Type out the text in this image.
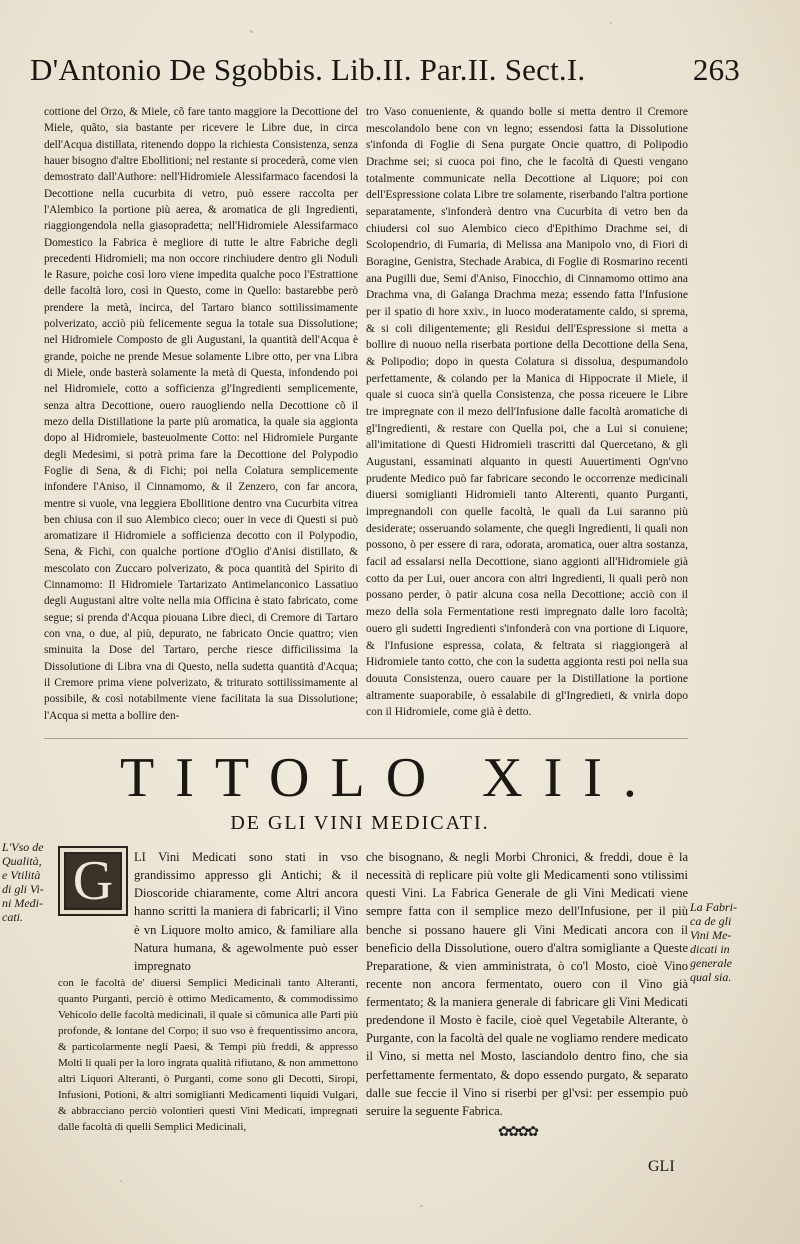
D'Antonio De Sgobbis. Lib.II. Par.II. Sect.I.	263

cottione del Orzo, & Miele, cõ fare tanto maggiore la Decottione del Miele, quãto, sia bastante per ricevere le Libre due, in circa dell'Acqua distillata, ritenendo doppo la richiesta Consistenza, senza hauer bisogno d'altre Ebollitioni; nel restante si procederà, come vien demostrato dall'Authore: nell'Hidromiele Alessifarmaco facendosi la Decottione nella cucurbita di vetro, può essere raccolta per l'Alembico la portione più aerea, & aromatica de gli Ingredienti, riaggiongendola nella giasopradetta; nell'Hidromiele Alessifarmaco Domestico la Fabrica è megliore di tutte le altre Fabriche degli precedenti Hidromieli; ma non occore rinchiudere dentro gli Noduli le Rasure, poiche così loro viene impedita qualche poco l'Estrattione delle facoltà loro, così in Questo, come in Quello: bastarebbe però prendere la metà, incirca, del Tartaro bianco sottilissimamente polverizato, acciò più felicemente segua la totale sua Dissolutione; nel Hidromiele Composto de gli Augustani, la quantità dell'Acqua è grande, poiche ne prende Mesue solamente Libre otto, per vna Libra di Miele, onde basterà solamente la metà di Questa, infondendo poi nel Hidromiele, cotto a sofficienza gl'Ingredienti semplicemente, senza altra Decottione, ouero rauogliendo nella Decottione cõ il mezo della Distillatione la parte più aromatica, la quale sia aggionta dopo al Hidromiele, basteuolmente Cotto: nel Hidromiele Purgante degli Medesimi, si potrà prima fare la Decottione del Polypodio Foglie di Sena, & di Fichi; poi nella Colatura semplicemente infondere l'Aniso, il Cinnamomo, & il Zenzero, con far ancora, mentre si vuole, vna leggiera Ebollitione dentro vna Cucurbita vitrea ben chiusa con il suo Alembico cieco; ouer in vece di Questi si può aromatizare il Hidromiele a sofficienza decotto con il Polypodio, Sena, & Fichi, con qualche portione d'Oglio d'Anisi distillato, & mescolato con Zuccaro polverizato, & poca quantità del Spirito di Cinnamomo: Il Hidromiele Tartarizato Antimelanconico Lassatiuo degli Augustani altre volte nella mia Officina è stato fabricato, come segue; si prenda d'Acqua piouana Libre dieci, di Cremore di Tartaro con vna, o due, al più, depurato, ne fabricato Oncie quattro; vien sminuita la Dose del Tartaro, perche riesce difficilissima la Dissolutione di Libra vna di Questo, nella sudetta quantità d'Acqua; il Cremore prima viene polverizato, & triturato sottilissimamente al possibile, & così notabilmente viene facilitata la sua Dissolutione; l'Acqua si metta a bollire den-

tro Vaso conueniente, & quando bolle si metta dentro il Cremore mescolandolo bene con vn legno; essendosi fatta la Dissolutione s'infonda di Foglie di Sena purgate Oncie quattro, di Polipodio Drachme sei; si cuoca poi fino, che le facoltà di Questi vengano totalmente communicate nella Decottione al Liquore; poi con dell'Espressione colata Libre tre solamente, riserbando l'altra portione separatamente, s'infonderà dentro vna Cucurbita di vetro ben da chiudersi col suo Alembico cieco d'Epithimo Drachme sei, di Scolopendrio, di Fumaria, di Melissa ana Manipolo vno, di Fiori di Boragine, Genistra, Stechade Arabica, di Foglie di Rosmarino recenti ana Pugilli due, Semi d'Aniso, Finocchio, di Cinnamomo ottimo ana Drachma vna, di Galanga Drachma meza; essendo fatta l'Infusione per il spatio di hore xxiv., in luoco moderatamente caldo, si sprema, & si coli diligentemente; gli Residui dell'Espressione si metta a bollire di nuouo nella riserbata portione della Decottione della Sena, & Polipodio; dopo in questa Colatura si dissolua, despumandolo perfettamente, & colando per la Manica di Hippocrate il Miele, il quale si cuoca sin'à quella Consistenza, che possa riceuere le Libre tre impregnate con il mezo dell'Infusione dalle facoltà aromatiche di gl'Ingredienti, & restare con Quella poi, che a Lui si conuiene; all'imitatione di Questi Hidromieli trascritti dal Quercetano, & gli Augustani, essaminati alquanto in questi Auuertimenti Ogn'vno prudente Medico può far fabricare secondo le occorrenze medicinali diuersi somiglianti Hidromieli tanto Alterenti, quanto Purganti, impregnandoli con quelle facoltà, le quali da Lui saranno più desiderate; osseruando solamente, che quegli Ingredienti, li quali non possono, ò per essere di rara, odorata, aromatica, ouer altra sostanza, facil ad essalarsi nella Decottione, siano aggionti all'Hidromiele già cotto da per Lui, ouer ancora con altri Ingredienti, li quali però non possano perder, ò patir alcuna cosa nella Decottione; acciò con il mezo della sola Fermentatione resti impregnato dalle loro facoltà; ouero gli sudetti Ingredienti s'infonderà con vna portione di Liquore, & l'Infusione espressa, colata, & feltrata si riaggiongerà al Hidromiele tanto cotto, che con la sudetta aggionta resti poi nella sua douuta Consistenza, ouero cauare per la Distillatione la portione altramente suaporabile, ò essalabile di gl'Ingredieti, & vnirla dopo con il Hidromiele, come già è detto.

TITOLO XII.
DE GLI VINI MEDICATI.
L'Vso de
Qualità,
e Vtilità
di gli Vi-
ni Medi-
cati.
La Fabri-
ca de gli
Vini Me-
dicati in
generale
qual sia.
G LI Vini Medicati sono stati in vso grandissimo appresso gli Antichi; & il Dioscoride chiaramente, come Altri ancora hanno scritti la maniera di fabricarli; il Vino è vn Liquore molto amico, & familiare alla Natura humana, & agewolmente può esser impregnato

con le facoltà de' diuersi Semplici Medicinali tanto Alteranti, quanto Purganti, perciò è ottimo Medicamento, & commodissimo Vehicolo delle facoltà medicinali, il quale si cõmunica alle Parti più profonde, & lontane del Corpo; il suo vso è frequentissimo ancora, & particolarmente negli Paesi, & Tempi più freddi, & appresso Molti li quali per la loro ingrata qualità rifiutano, & non ammettono altri Liquori Alteranti, ò Purganti, come sono gli Decotti, Siropi, Infusioni, Potioni, & altri somiglianti Medicamenti liquidi Vulgari, & abbracciano perciò volontieri questi Vini Medicati, impregnati dalle facoltà di quelli Semplici Medicinali,

che bisognano, & negli Morbi Chronici, & freddi, doue è la necessità di replicare più volte gli Medicamenti sono vtilissimi questi Vini. La Fabrica Generale de gli Vini Medicati viene sempre fatta con il semplice mezo dell'Infusione, per il più benche si possano hauere gli Vini Medicati ancora con il beneficio della Dissolutione, ouero d'altra somigliante a Queste Preparatione, & vien amministrata, ò co'l Mosto, cioè Vino recente non ancora fermentato, ouero con il Vino già fermentato; & la maniera generale di fabricare gli Vini Medicati predendone il Mosto è facile, cioè quel Vegetabile Alterante, ò Purgante, con la facoltà del quale ne vogliamo rendere medicato il Vino, si metta nel Mosto, lasciandolo dentro fino, che sia perfettamente fermentato, & dopo essendo purgato, & separato dalle sue feccie il Vino si riserbi per gl'vsi: per essempio può seruire la seguente Fabrica.

✿✿✿✿
GLI
